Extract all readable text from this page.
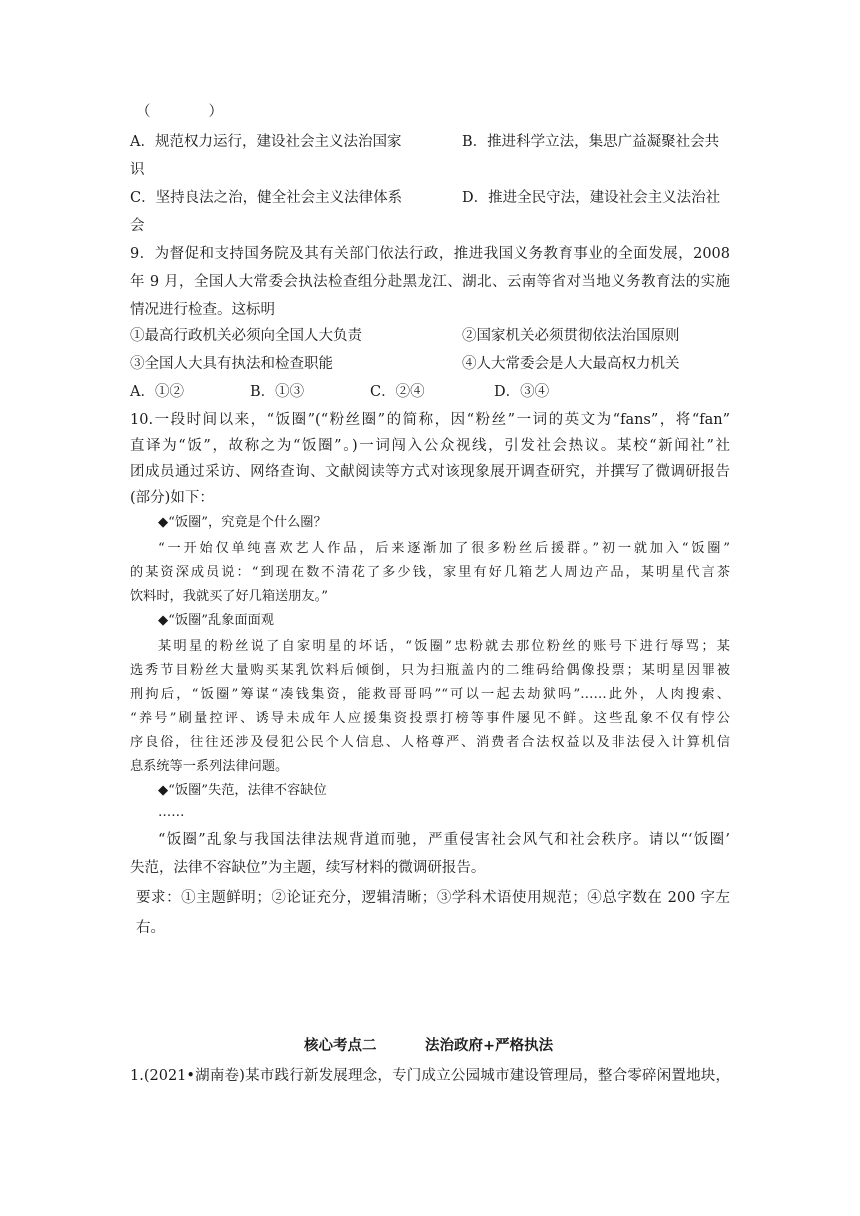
（　　　　）
A．规范权力运行，建设社会主义法治国家	B．推进科学立法，集思广益凝聚社会共
识
C．坚持良法之治，健全社会主义法律体系	D．推进全民守法，建设社会主义法治社
会
9．为督促和支持国务院及其有关部门依法行政，推进我国义务教育事业的全面发展，2008
年 9 月，全国人大常委会执法检查组分赴黑龙江、湖北、云南等省对当地义务教育法的实施
情况进行检查。这标明
①最高行政机关必须向全国人大负责	②国家机关必须贯彻依法治国原则
③全国人大具有执法和检查职能	④人大常委会是人大最高权力机关
A．①②	B．①③	C．②④	D．③④
10.一段时间以来，“饭圈”(“粉丝圈”的简称，因“粉丝”一词的英文为“fans”，将“fan”
直译为“饭”，故称之为“饭圈”。)一词闯入公众视线，引发社会热议。某校“新闻社”社
团成员通过采访、网络查询、文献阅读等方式对该现象展开调查研究，并撰写了微调研报告
(部分)如下：
◆“饭圈”，究竟是个什么圈？
“一开始仅单纯喜欢艺人作品，后来逐渐加了很多粉丝后援群。”初一就加入“饭圈”
的某资深成员说：“到现在数不清花了多少钱，家里有好几箱艺人周边产品，某明星代言茶
饮料时，我就买了好几箱送朋友。”
◆“饭圈”乱象面面观
某明星的粉丝说了自家明星的坏话，“饭圈”忠粉就去那位粉丝的账号下进行辱骂；某
选秀节目粉丝大量购买某乳饮料后倾倒，只为扫瓶盖内的二维码给偶像投票；某明星因罪被
刑拘后，“饭圈”筹谋“凑钱集资，能救哥哥吗”“可以一起去劫狱吗”……此外，人肉搜索、
“养号”刷量控评、诱导未成年人应援集资投票打榜等事件屡见不鲜。这些乱象不仅有悖公
序良俗，往往还涉及侵犯公民个人信息、人格尊严、消费者合法权益以及非法侵入计算机信
息系统等一系列法律问题。
◆“饭圈”失范，法律不容缺位
……
“饭圈”乱象与我国法律法规背道而驰，严重侵害社会风气和社会秩序。请以“‘饭圈’
失范，法律不容缺位”为主题，续写材料的微调研报告。
要求：①主题鲜明；②论证充分，逻辑清晰；③学科术语使用规范；④总字数在 200 字左
右。
核心考点二	法治政府+严格执法
1.(2021•湖南卷)某市践行新发展理念，专门成立公园城市建设管理局，整合零碎闲置地块，
